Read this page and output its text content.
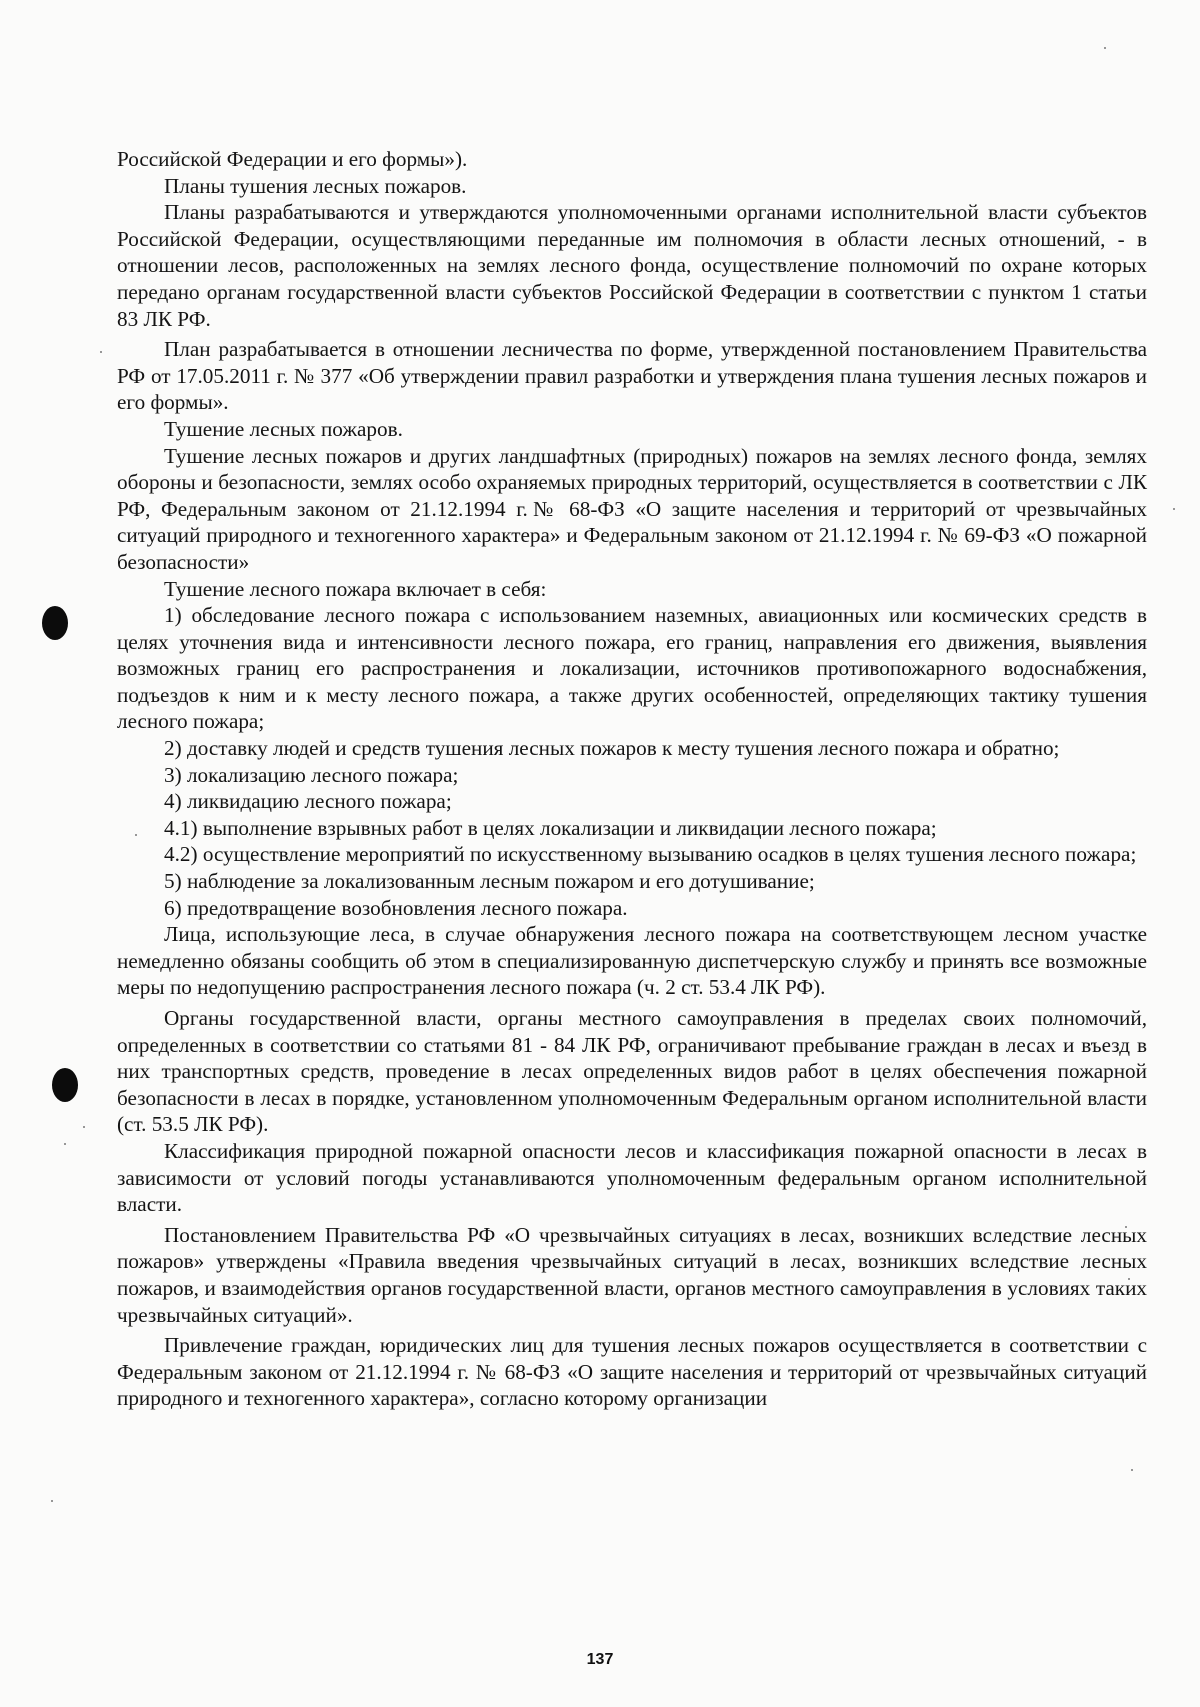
Российской Федерации и его формы»).

Планы тушения лесных пожаров.

Планы разрабатываются и утверждаются уполномоченными органами исполнительной власти субъектов Российской Федерации, осуществляющими переданные им полномочия в области лесных отношений, - в отношении лесов, расположенных на землях лесного фонда, осуществление полномочий по охране которых передано органам государственной власти субъектов Российской Федерации в соответствии с пунктом 1 статьи 83 ЛК РФ.

План разрабатывается в отношении лесничества по форме, утвержденной постановлением Правительства РФ от 17.05.2011 г. № 377 «Об утверждении правил разработки и утверждения плана тушения лесных пожаров и его формы».

Тушение лесных пожаров.

Тушение лесных пожаров и других ландшафтных (природных) пожаров на землях лесного фонда, землях обороны и безопасности, землях особо охраняемых природных территорий, осуществляется в соответствии с ЛК РФ, Федеральным законом от 21.12.1994 г.№ 68-ФЗ «О защите населения и территорий от чрезвычайных ситуаций природного и техногенного характера» и Федеральным законом от 21.12.1994 г. № 69-ФЗ «О пожарной безопасности»

Тушение лесного пожара включает в себя:

1) обследование лесного пожара с использованием наземных, авиационных или космических средств в целях уточнения вида и интенсивности лесного пожара, его границ, направления его движения, выявления возможных границ его распространения и локализации, источников противопожарного водоснабжения, подъездов к ним и к месту лесного пожара, а также других особенностей, определяющих тактику тушения лесного пожара;

2) доставку людей и средств тушения лесных пожаров к месту тушения лесного пожара и обратно;

3) локализацию лесного пожара;

4) ликвидацию лесного пожара;

4.1) выполнение взрывных работ в целях локализации и ликвидации лесного пожара;

4.2) осуществление мероприятий по искусственному вызыванию осадков в целях тушения лесного пожара;

5) наблюдение за локализованным лесным пожаром и его дотушивание;

6) предотвращение возобновления лесного пожара.

Лица, использующие леса, в случае обнаружения лесного пожара на соответствующем лесном участке немедленно обязаны сообщить об этом в специализированную диспетчерскую службу и принять все возможные меры по недопущению распространения лесного пожара (ч. 2 ст. 53.4 ЛК РФ).

Органы государственной власти, органы местного самоуправления в пределах своих полномочий, определенных в соответствии со статьями 81 - 84 ЛК РФ, ограничивают пребывание граждан в лесах и въезд в них транспортных средств, проведение в лесах определенных видов работ в целях обеспечения пожарной безопасности в лесах в порядке, установленном уполномоченным Федеральным органом исполнительной власти (ст. 53.5 ЛК РФ).

Классификация природной пожарной опасности лесов и классификация пожарной опасности в лесах в зависимости от условий погоды устанавливаются уполномоченным федеральным органом исполнительной власти.

Постановлением Правительства РФ «О чрезвычайных ситуациях в лесах, возникших вследствие лесных пожаров» утверждены «Правила введения чрезвычайных ситуаций в лесах, возникших вследствие лесных пожаров, и взаимодействия органов государственной власти, органов местного самоуправления в условиях таких чрезвычайных ситуаций».

Привлечение граждан, юридических лиц для тушения лесных пожаров осуществляется в соответствии с Федеральным законом от 21.12.1994 г. № 68-ФЗ «О защите населения и территорий от чрезвычайных ситуаций природного и техногенного характера», согласно которому организации

137
